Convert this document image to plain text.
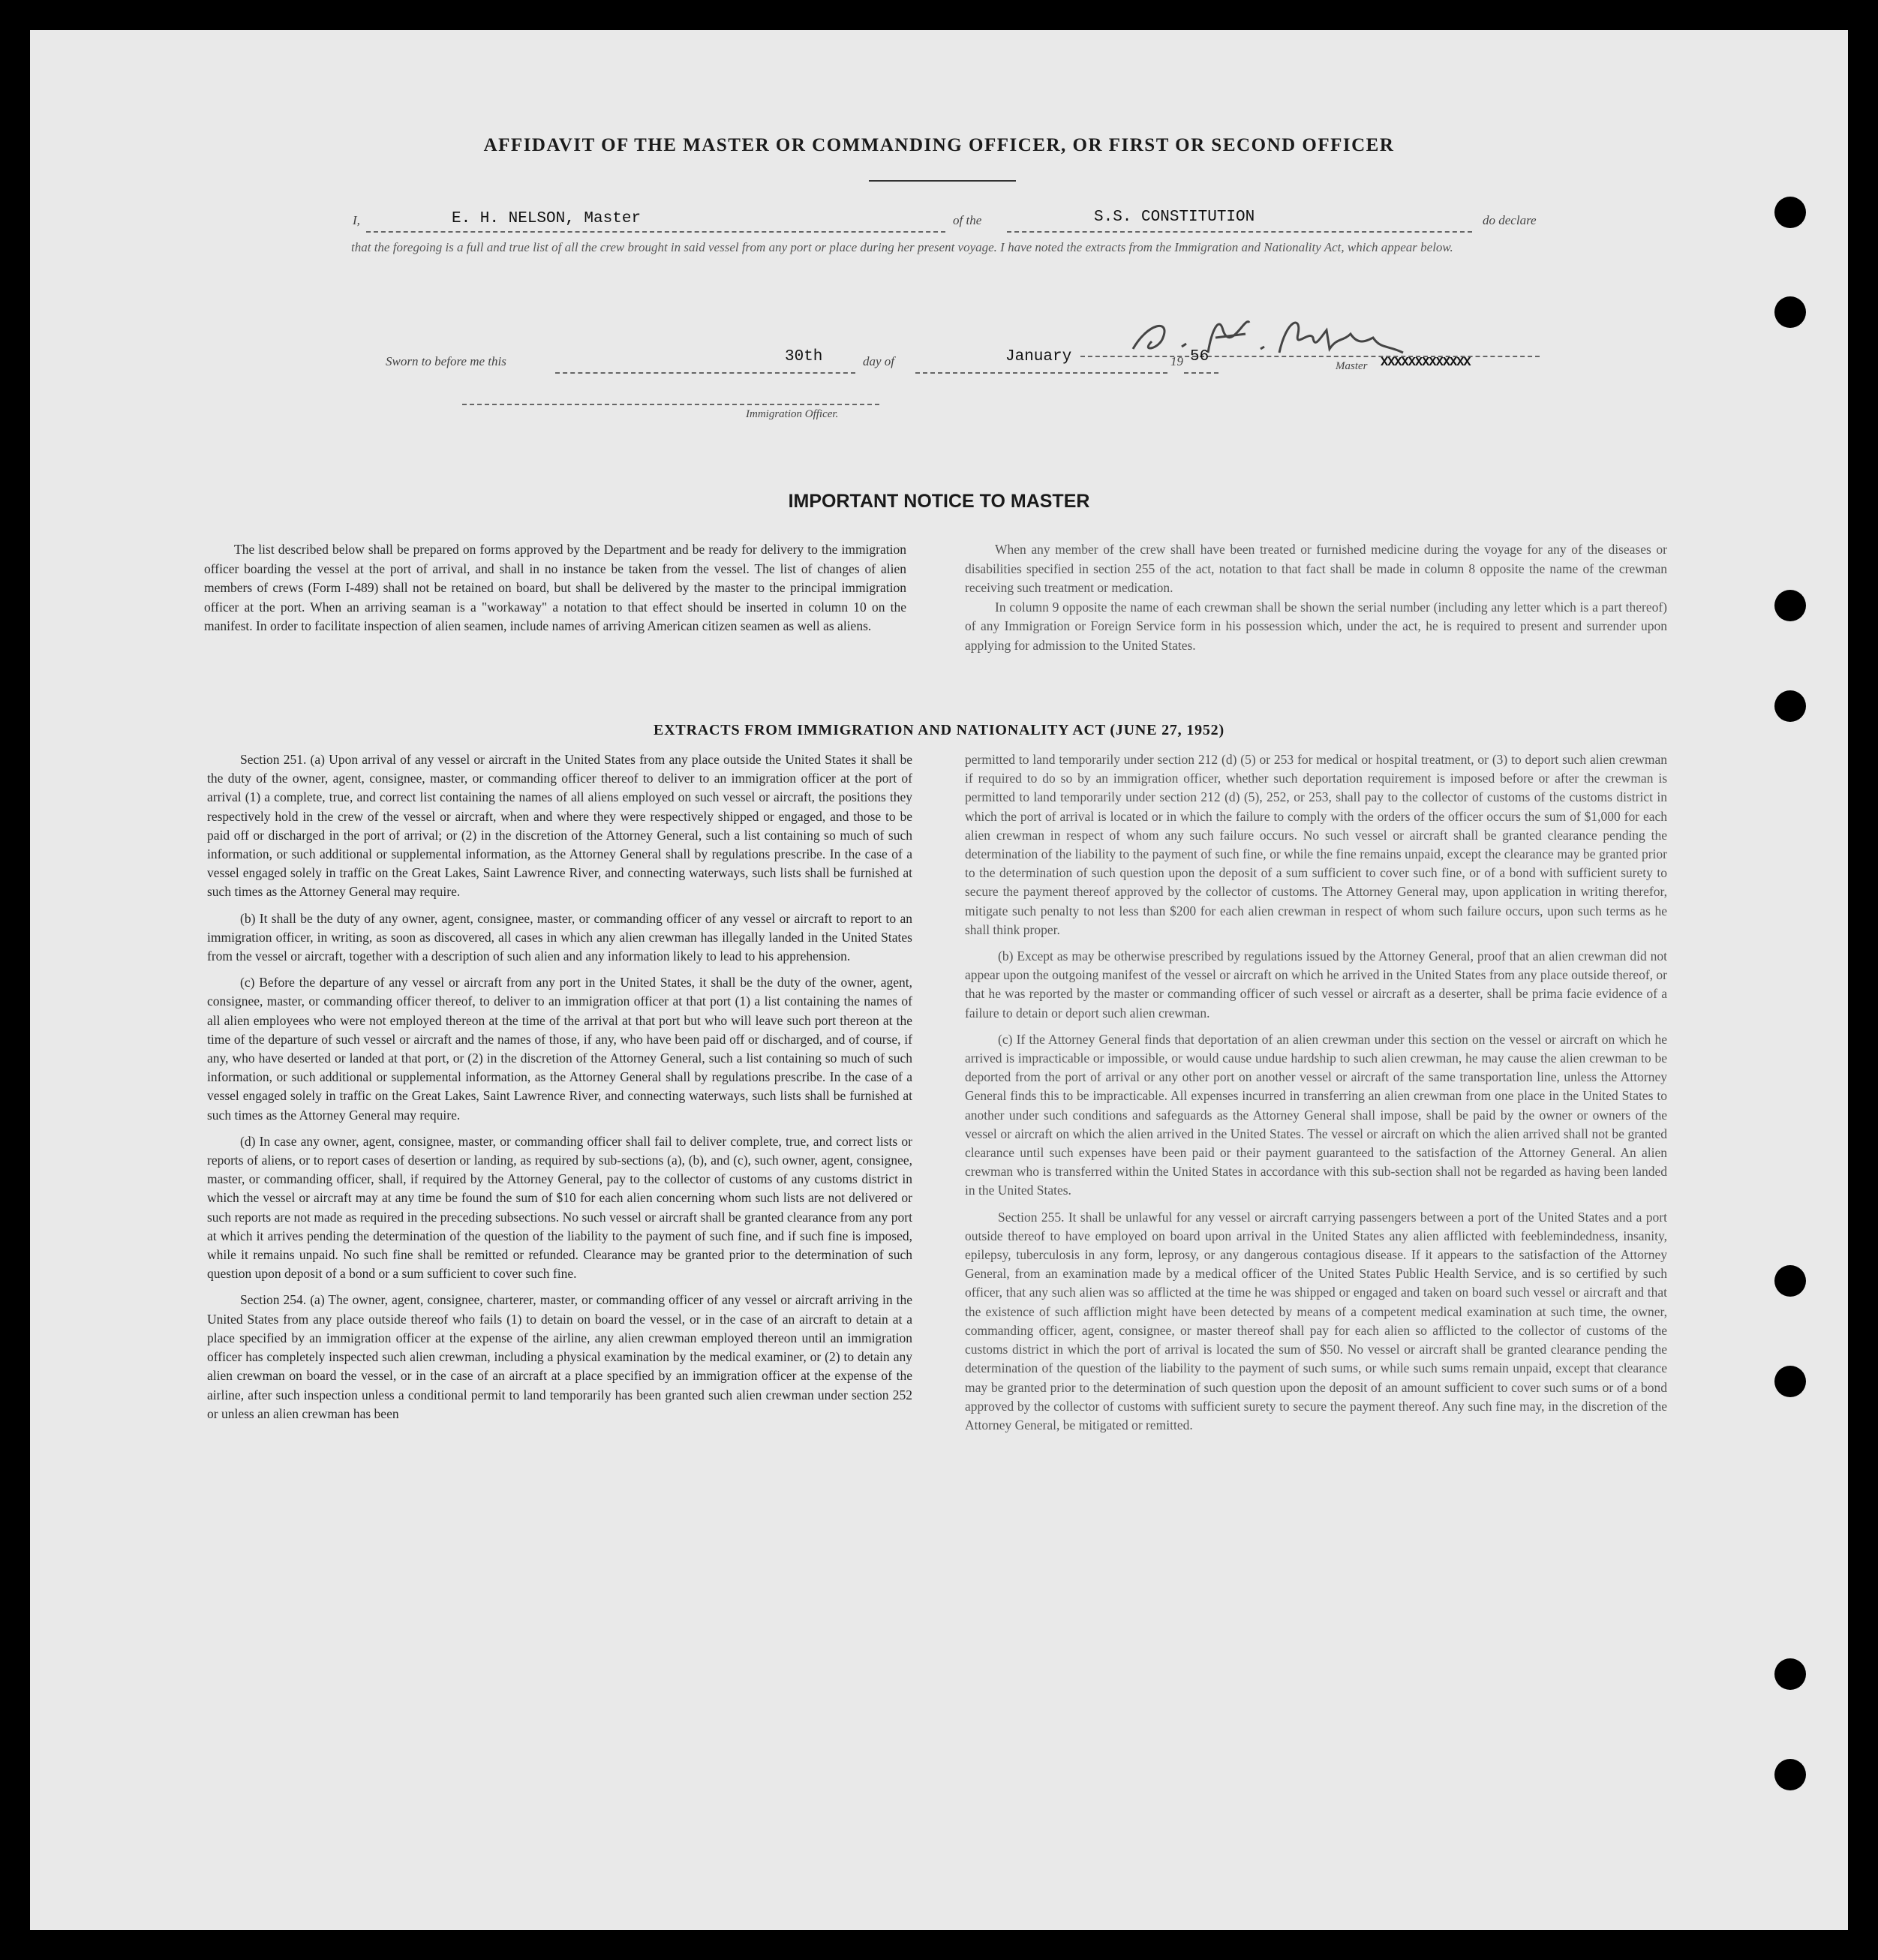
AFFIDAVIT OF THE MASTER OR COMMANDING OFFICER, OR FIRST OR SECOND OFFICER
I,	E. H. NELSON, Master	of the	S.S. CONSTITUTION	do declare
that the foregoing is a full and true list of all the crew brought in said vessel from any port or place during her present voyage. I have noted the extracts from the Immigration and Nationality Act, which appear below.
Master XXXXXXXXXXXXX
Sworn to before me this	30th	day of	January	19 56
Immigration Officer.
IMPORTANT NOTICE TO MASTER

The list described below shall be prepared on forms approved by the Department and be ready for delivery to the immigration officer boarding the vessel at the port of arrival, and shall in no instance be taken from the vessel. The list of changes of alien members of crews (Form I-489) shall not be retained on board, but shall be delivered by the master to the principal immigration officer at the port. When an arriving seaman is a "workaway" a notation to that effect should be inserted in column 10 on the manifest. In order to facilitate inspection of alien seamen, include names of arriving American citizen seamen as well as aliens.

When any member of the crew shall have been treated or furnished medicine during the voyage for any of the diseases or disabilities specified in section 255 of the act, notation to that fact shall be made in column 8 opposite the name of the crewman receiving such treatment or medication.

In column 9 opposite the name of each crewman shall be shown the serial number (including any letter which is a part thereof) of any Immigration or Foreign Service form in his possession which, under the act, he is required to present and surrender upon applying for admission to the United States.

EXTRACTS FROM IMMIGRATION AND NATIONALITY ACT (JUNE 27, 1952)

Section 251. (a) Upon arrival of any vessel or aircraft in the United States from any place outside the United States it shall be the duty of the owner, agent, consignee, master, or commanding officer thereof to deliver to an immigration officer at the port of arrival (1) a complete, true, and correct list containing the names of all aliens employed on such vessel or aircraft, the positions they respectively hold in the crew of the vessel or aircraft, when and where they were respectively shipped or engaged, and those to be paid off or discharged in the port of arrival; or (2) in the discretion of the Attorney General, such a list containing so much of such information, or such additional or supplemental information, as the Attorney General shall by regulations prescribe. In the case of a vessel engaged solely in traffic on the Great Lakes, Saint Lawrence River, and connecting waterways, such lists shall be furnished at such times as the Attorney General may require.

(b) It shall be the duty of any owner, agent, consignee, master, or commanding officer of any vessel or aircraft to report to an immigration officer, in writing, as soon as discovered, all cases in which any alien crewman has illegally landed in the United States from the vessel or aircraft, together with a description of such alien and any information likely to lead to his apprehension.

(c) Before the departure of any vessel or aircraft from any port in the United States, it shall be the duty of the owner, agent, consignee, master, or commanding officer thereof, to deliver to an immigration officer at that port (1) a list containing the names of all alien employees who were not employed thereon at the time of the arrival at that port but who will leave such port thereon at the time of the departure of such vessel or aircraft and the names of those, if any, who have been paid off or discharged, and of course, if any, who have deserted or landed at that port, or (2) in the discretion of the Attorney General, such a list containing so much of such information, or such additional or supplemental information, as the Attorney General shall by regulations prescribe. In the case of a vessel engaged solely in traffic on the Great Lakes, Saint Lawrence River, and connecting waterways, such lists shall be furnished at such times as the Attorney General may require.

(d) In case any owner, agent, consignee, master, or commanding officer shall fail to deliver complete, true, and correct lists or reports of aliens, or to report cases of desertion or landing, as required by sub-sections (a), (b), and (c), such owner, agent, consignee, master, or commanding officer, shall, if required by the Attorney General, pay to the collector of customs of any customs district in which the vessel or aircraft may at any time be found the sum of $10 for each alien concerning whom such lists are not delivered or such reports are not made as required in the preceding subsections. No such vessel or aircraft shall be granted clearance from any port at which it arrives pending the determination of the question of the liability to the payment of such fine, and if such fine is imposed, while it remains unpaid. No such fine shall be remitted or refunded. Clearance may be granted prior to the determination of such question upon deposit of a bond or a sum sufficient to cover such fine.

Section 254. (a) The owner, agent, consignee, charterer, master, or commanding officer of any vessel or aircraft arriving in the United States from any place outside thereof who fails (1) to detain on board the vessel, or in the case of an aircraft to detain at a place specified by an immigration officer at the expense of the airline, any alien crewman employed thereon until an immigration officer has completely inspected such alien crewman, including a physical examination by the medical examiner, or (2) to detain any alien crewman on board the vessel, or in the case of an aircraft at a place specified by an immigration officer at the expense of the airline, after such inspection unless a conditional permit to land temporarily has been granted such alien crewman under section 252 or unless an alien crewman has been

permitted to land temporarily under section 212 (d) (5) or 253 for medical or hospital treatment, or (3) to deport such alien crewman if required to do so by an immigration officer, whether such deportation requirement is imposed before or after the crewman is permitted to land temporarily under section 212 (d) (5), 252, or 253, shall pay to the collector of customs of the customs district in which the port of arrival is located or in which the failure to comply with the orders of the officer occurs the sum of $1,000 for each alien crewman in respect of whom any such failure occurs. No such vessel or aircraft shall be granted clearance pending the determination of the liability to the payment of such fine, or while the fine remains unpaid, except the clearance may be granted prior to the determination of such question upon the deposit of a sum sufficient to cover such fine, or of a bond with sufficient surety to secure the payment thereof approved by the collector of customs. The Attorney General may, upon application in writing therefor, mitigate such penalty to not less than $200 for each alien crewman in respect of whom such failure occurs, upon such terms as he shall think proper.

(b) Except as may be otherwise prescribed by regulations issued by the Attorney General, proof that an alien crewman did not appear upon the outgoing manifest of the vessel or aircraft on which he arrived in the United States from any place outside thereof, or that he was reported by the master or commanding officer of such vessel or aircraft as a deserter, shall be prima facie evidence of a failure to detain or deport such alien crewman.

(c) If the Attorney General finds that deportation of an alien crewman under this section on the vessel or aircraft on which he arrived is impracticable or impossible, or would cause undue hardship to such alien crewman, he may cause the alien crewman to be deported from the port of arrival or any other port on another vessel or aircraft of the same transportation line, unless the Attorney General finds this to be impracticable. All expenses incurred in transferring an alien crewman from one place in the United States to another under such conditions and safeguards as the Attorney General shall impose, shall be paid by the owner or owners of the vessel or aircraft on which the alien arrived in the United States. The vessel or aircraft on which the alien arrived shall not be granted clearance until such expenses have been paid or their payment guaranteed to the satisfaction of the Attorney General. An alien crewman who is transferred within the United States in accordance with this sub-section shall not be regarded as having been landed in the United States.

Section 255. It shall be unlawful for any vessel or aircraft carrying passengers between a port of the United States and a port outside thereof to have employed on board upon arrival in the United States any alien afflicted with feeblemindedness, insanity, epilepsy, tuberculosis in any form, leprosy, or any dangerous contagious disease. If it appears to the satisfaction of the Attorney General, from an examination made by a medical officer of the United States Public Health Service, and is so certified by such officer, that any such alien was so afflicted at the time he was shipped or engaged and taken on board such vessel or aircraft and that the existence of such affliction might have been detected by means of a competent medical examination at such time, the owner, commanding officer, agent, consignee, or master thereof shall pay for each alien so afflicted to the collector of customs of the customs district in which the port of arrival is located the sum of $50. No vessel or aircraft shall be granted clearance pending the determination of the question of the liability to the payment of such sums, or while such sums remain unpaid, except that clearance may be granted prior to the determination of such question upon the deposit of an amount sufficient to cover such sums or of a bond approved by the collector of customs with sufficient surety to secure the payment thereof. Any such fine may, in the discretion of the Attorney General, be mitigated or remitted.
